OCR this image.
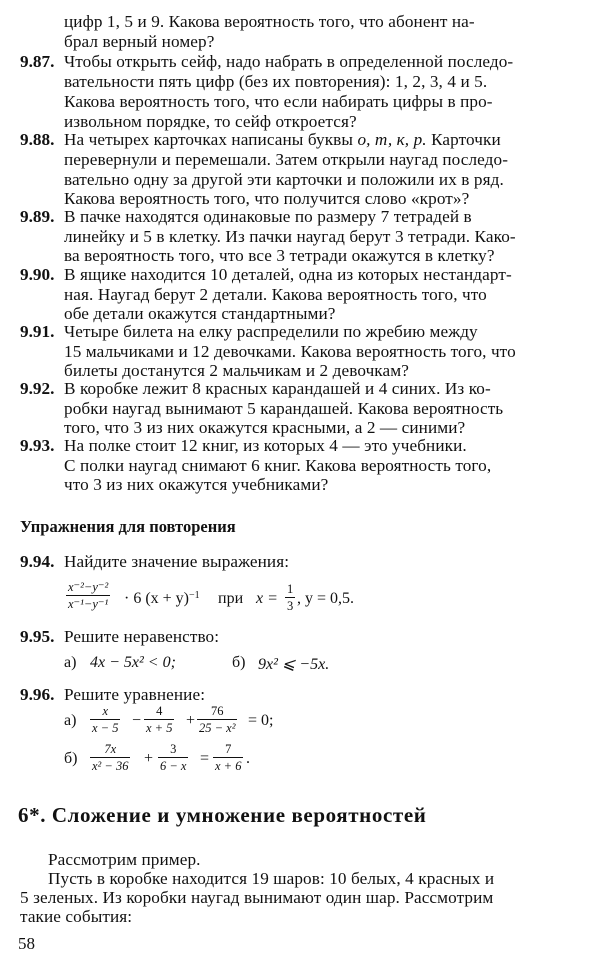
цифр 1, 5 и 9. Какова вероятность того, что абонент на-
брал верный номер?
9.87. Чтобы открыть сейф, надо набрать в определенной последо-
вательности пять цифр (без их повторения): 1, 2, 3, 4 и 5.
Какова вероятность того, что если набирать цифры в про-
извольном порядке, то сейф откроется?
9.88. На четырех карточках написаны буквы о, т, к, р. Карточки
перевернули и перемешали. Затем открыли наугад последо-
вательно одну за другой эти карточки и положили их в ряд.
Какова вероятность того, что получится слово «крот»?
9.89. В пачке находятся одинаковые по размеру 7 тетрадей в
линейку и 5 в клетку. Из пачки наугад берут 3 тетради. Како-
ва вероятность того, что все 3 тетради окажутся в клетку?
9.90. В ящике находится 10 деталей, одна из которых нестандарт-
ная. Наугад берут 2 детали. Какова вероятность того, что
обе детали окажутся стандартными?
9.91. Четыре билета на елку распределили по жребию между
15 мальчиками и 12 девочками. Какова вероятность того, что
билеты достанутся 2 мальчикам и 2 девочкам?
9.92. В коробке лежит 8 красных карандашей и 4 синих. Из ко-
робки наугад вынимают 5 карандашей. Какова вероятность
того, что 3 из них окажутся красными, а 2 — синими?
9.93. На полке стоит 12 книг, из которых 4 — это учебники.
С полки наугад снимают 6 книг. Какова вероятность того,
что 3 из них окажутся учебниками?
Упражнения для повторения
9.94. Найдите значение выражения:
$\frac{\text{x⁻²−y⁻²}}{\text{x⁻¹−y⁻¹}} \cdot 6$ $(x + y)^{-1}$ при $x = \frac{1}{3}$ , y = 0,5.
9.95. Решите неравенство:
а) 4x − 5x² < 0;	б) 9x² ⩽ −5x.
9.96. Решите уравнение:
$а) \frac{x}{x - 5} - \frac{4}{x + 5} + \frac{76}{\text{25 − x²}} = 0$;
$б) \frac{7x}{\text{x² − 36}} + \frac{3}{6 - x} = \frac{7}{x + 6}$ .
6*. Сложение и умножение вероятностей
Рассмотрим пример.
Пусть в коробке находится 19 шаров: 10 белых, 4 красных и
5 зеленых. Из коробки наугад вынимают один шар. Рассмотрим
такие события:
58
